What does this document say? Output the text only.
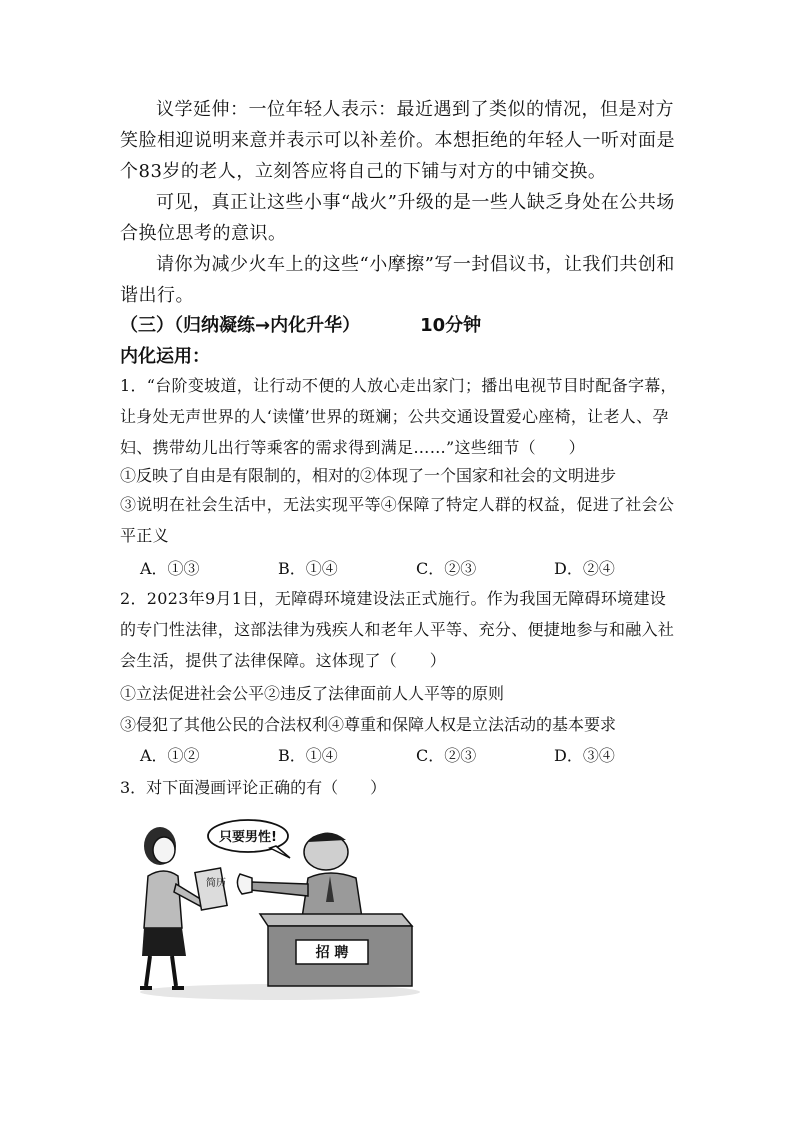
议学延伸：一位年轻人表示：最近遇到了类似的情况，但是对方笑脸相迎说明来意并表示可以补差价。本想拒绝的年轻人一听对面是个83岁的老人，立刻答应将自己的下铺与对方的中铺交换。

可见，真正让这些小事“战火”升级的是一些人缺乏身处在公共场合换位思考的意识。

请你为减少火车上的这些“小摩擦”写一封倡议书，让我们共创和谐出行。

（三）（归纳凝练→内化升华）	10分钟

内化运用：

1．“台阶变坡道，让行动不便的人放心走出家门；播出电视节目时配备字幕，让身处无声世界的人‘读懂’世界的斑斓；公共交通设置爱心座椅，让老人、孕妇、携带幼儿出行等乘客的需求得到满足……”这些细节（　　）

①反映了自由是有限制的，相对的②体现了一个国家和社会的文明进步

③说明在社会生活中，无法实现平等④保障了特定人群的权益，促进了社会公平正义

A．①③	B．①④	C．②③	D．②④

2．2023年9月1日，无障碍环境建设法正式施行。作为我国无障碍环境建设的专门性法律，这部法律为残疾人和老年人平等、充分、便捷地参与和融入社会生活，提供了法律保障。这体现了（　　）

①立法促进社会公平②违反了法律面前人人平等的原则

③侵犯了其他公民的合法权利④尊重和保障人权是立法活动的基本要求

A．①②	B．①④	C．②③	D．③④

3．对下面漫画评论正确的有（　　）

简历
只要男性!
招 聘
